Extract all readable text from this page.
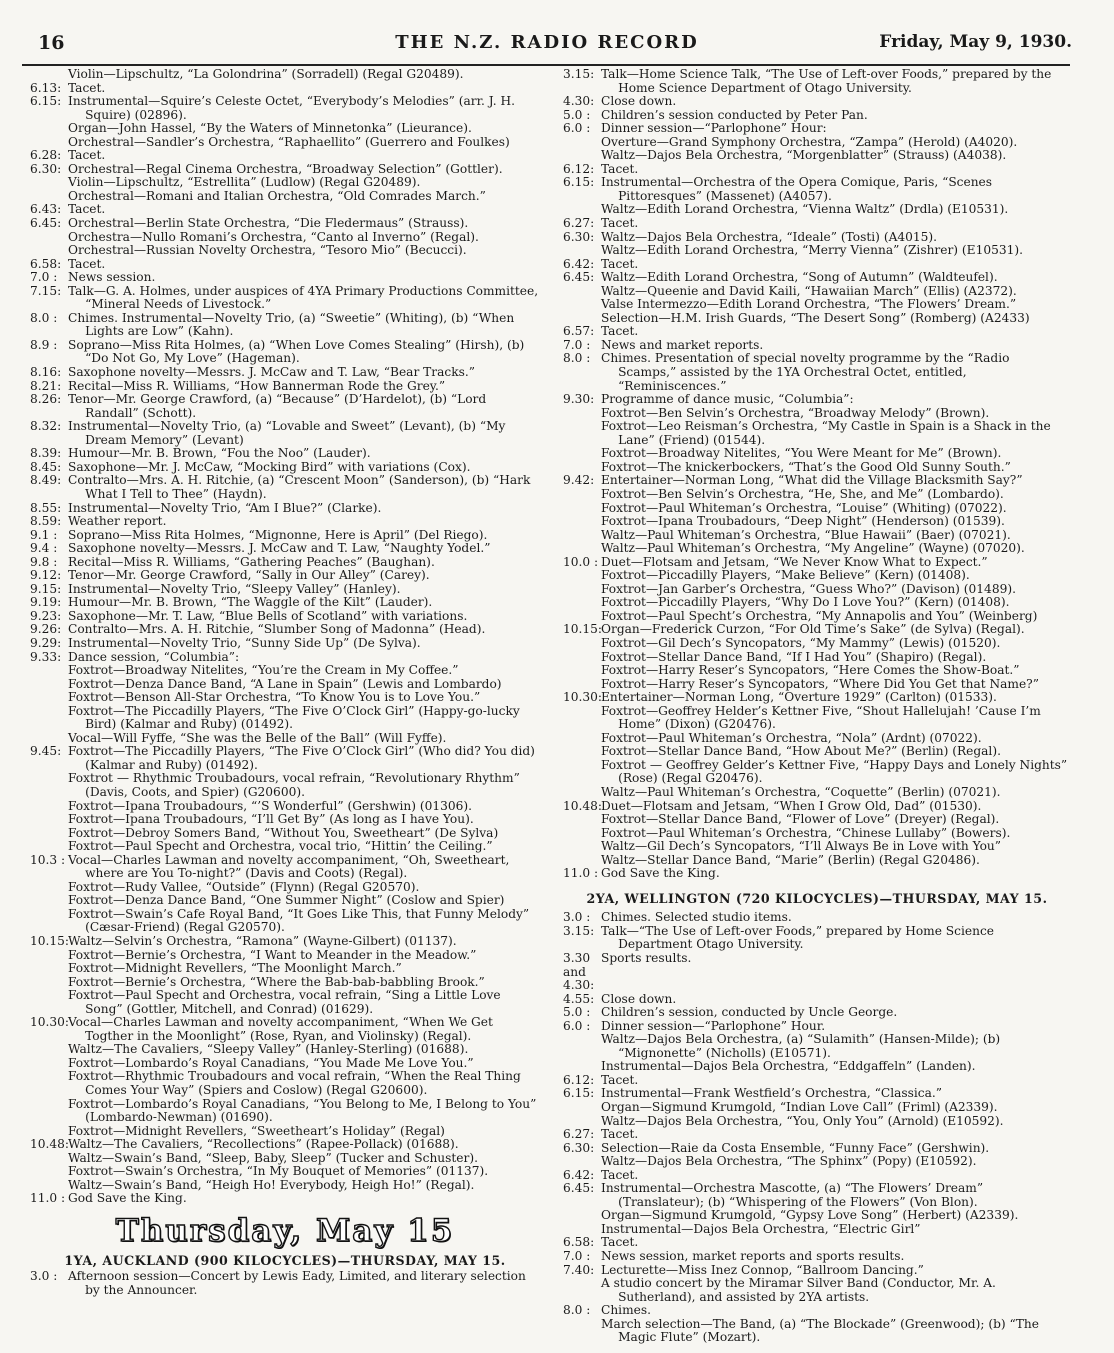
16	THE N.Z. RADIO RECORD	Friday, May 9, 1930.
Violin—Lipschultz, “La Golondrina” (Sorradell) (Regal G20489).
6.13: Tacet.
6.15: Instrumental—Squire’s Celeste Octet, “Everybody’s Melodies” (arr. J. H. Squire) (02896).
Organ—John Hassel, “By the Waters of Minnetonka” (Lieurance).
Orchestral—Sandler’s Orchestra, “Raphaellito” (Guerrero and Foulkes)
6.28: Tacet.
6.30: Orchestral—Regal Cinema Orchestra, “Broadway Selection” (Gottler).
Violin—Lipschultz, “Estrellita” (Ludlow) (Regal G20489).
Orchestral—Romani and Italian Orchestra, “Old Comrades March.”
6.43: Tacet.
6.45: Orchestral—Berlin State Orchestra, “Die Fledermaus” (Strauss).
Orchestra—Nullo Romani’s Orchestra, “Canto al Inverno” (Regal).
Orchestral—Russian Novelty Orchestra, “Tesoro Mio” (Becucci).
6.58: Tacet.
7.0 : News session.
7.15: Talk—G. A. Holmes, under auspices of 4YA Primary Productions Committee, “Mineral Needs of Livestock.”
8.0 : Chimes. Instrumental—Novelty Trio, (a) “Sweetie” (Whiting), (b) “When Lights are Low” (Kahn).
8.9 : Soprano—Miss Rita Holmes, (a) “When Love Comes Stealing” (Hirsh), (b) “Do Not Go, My Love” (Hageman).
8.16: Saxophone novelty—Messrs. J. McCaw and T. Law, “Bear Tracks.”
8.21: Recital—Miss R. Williams, “How Bannerman Rode the Grey.”
8.26: Tenor—Mr. George Crawford, (a) “Because” (D’Hardelot), (b) “Lord Randall” (Schott).
8.32: Instrumental—Novelty Trio, (a) “Lovable and Sweet” (Levant), (b) “My Dream Memory” (Levant)
8.39: Humour—Mr. B. Brown, “Fou the Noo” (Lauder).
8.45: Saxophone—Mr. J. McCaw, “Mocking Bird” with variations (Cox).
8.49: Contralto—Mrs. A. H. Ritchie, (a) “Crescent Moon” (Sanderson), (b) “Hark What I Tell to Thee” (Haydn).
8.55: Instrumental—Novelty Trio, “Am I Blue?” (Clarke).
8.59: Weather report.
9.1 : Soprano—Miss Rita Holmes, “Mignonne, Here is April” (Del Riego).
9.4 : Saxophone novelty—Messrs. J. McCaw and T. Law, “Naughty Yodel.”
9.8 : Recital—Miss R. Williams, “Gathering Peaches” (Baughan).
9.12: Tenor—Mr. George Crawford, “Sally in Our Alley” (Carey).
9.15: Instrumental—Novelty Trio, “Sleepy Valley” (Hanley).
9.19: Humour—Mr. B. Brown, “The Waggle of the Kilt” (Lauder).
9.23: Saxophone—Mr. T. Law, “Blue Bells of Scotland” with variations.
9.26: Contralto—Mrs. A. H. Ritchie, “Slumber Song of Madonna” (Head).
9.29: Instrumental—Novelty Trio, “Sunny Side Up” (De Sylva).
9.33: Dance session, “Columbia”:
Foxtrot—Broadway Nitelites, “You’re the Cream in My Coffee.”
Foxtrot—Denza Dance Band, “A Lane in Spain” (Lewis and Lombardo)
Foxtrot—Benson All-Star Orchestra, “To Know You is to Love You.”
Foxtrot—The Piccadilly Players, “The Five O’Clock Girl” (Happy-go-lucky Bird) (Kalmar and Ruby) (01492).
Vocal—Will Fyffe, “She was the Belle of the Ball” (Will Fyffe).
9.45: Foxtrot—The Piccadilly Players, “The Five O’Clock Girl” (Who did? You did) (Kalmar and Ruby) (01492).
Foxtrot — Rhythmic Troubadours, vocal refrain, “Revolutionary Rhythm” (Davis, Coots, and Spier) (G20600).
Foxtrot—Ipana Troubadours, “’S Wonderful” (Gershwin) (01306).
Foxtrot—Ipana Troubadours, “I’ll Get By” (As long as I have You).
Foxtrot—Debroy Somers Band, “Without You, Sweetheart” (De Sylva)
Foxtrot—Paul Specht and Orchestra, vocal trio, “Hittin’ the Ceiling.”
10.3 : Vocal—Charles Lawman and novelty accompaniment, “Oh, Sweetheart, where are You To-night?” (Davis and Coots) (Regal).
Foxtrot—Rudy Vallee, “Outside” (Flynn) (Regal G20570).
Foxtrot—Denza Dance Band, “One Summer Night” (Coslow and Spier)
Foxtrot—Swain’s Cafe Royal Band, “It Goes Like This, that Funny Melody” (Cæsar-Friend) (Regal G20570).
10.15: Waltz—Selvin’s Orchestra, “Ramona” (Wayne-Gilbert) (01137).
Foxtrot—Bernie’s Orchestra, “I Want to Meander in the Meadow.”
Foxtrot—Midnight Revellers, “The Moonlight March.”
Foxtrot—Bernie’s Orchestra, “Where the Bab-bab-babbling Brook.”
Foxtrot—Paul Specht and Orchestra, vocal refrain, “Sing a Little Love Song” (Gottler, Mitchell, and Conrad) (01629).
10.30: Vocal—Charles Lawman and novelty accompaniment, “When We Get Togther in the Moonlight” (Rose, Ryan, and Violinsky) (Regal).
Waltz—The Cavaliers, “Sleepy Valley” (Hanley-Sterling) (01688).
Foxtrot—Lombardo’s Royal Canadians, “You Made Me Love You.”
Foxtrot—Rhythmic Troubadours and vocal refrain, “When the Real Thing Comes Your Way” (Spiers and Coslow) (Regal G20600).
Foxtrot—Lombardo’s Royal Canadians, “You Belong to Me, I Belong to You” (Lombardo-Newman) (01690).
Foxtrot—Midnight Revellers, “Sweetheart’s Holiday” (Regal)
10.48: Waltz—The Cavaliers, “Recollections” (Rapee-Pollack) (01688).
Waltz—Swain’s Band, “Sleep, Baby, Sleep” (Tucker and Schuster).
Foxtrot—Swain’s Orchestra, “In My Bouquet of Memories” (01137).
Waltz—Swain’s Band, “Heigh Ho! Everybody, Heigh Ho!” (Regal).
11.0 : God Save the King.
Thursday, May 15
1YA, AUCKLAND (900 KILOCYCLES)—THURSDAY, MAY 15.
3.0 : Afternoon session—Concert by Lewis Eady, Limited, and literary selection by the Announcer.
3.15: Talk—Home Science Talk, “The Use of Left-over Foods,” prepared by the Home Science Department of Otago University.
4.30: Close down.
5.0 : Children’s session conducted by Peter Pan.
6.0 : Dinner session—“Parlophone” Hour:
Overture—Grand Symphony Orchestra, “Zampa” (Herold) (A4020).
Waltz—Dajos Bela Orchestra, “Morgenblatter” (Strauss) (A4038).
6.12: Tacet.
6.15: Instrumental—Orchestra of the Opera Comique, Paris, “Scenes Pittoresques” (Massenet) (A4057).
Waltz—Edith Lorand Orchestra, “Vienna Waltz” (Drdla) (E10531).
6.27: Tacet.
6.30: Waltz—Dajos Bela Orchestra, “Ideale” (Tosti) (A4015).
Waltz—Edith Lorand Orchestra, “Merry Vienna” (Zishrer) (E10531).
6.42: Tacet.
6.45: Waltz—Edith Lorand Orchestra, “Song of Autumn” (Waldteufel).
Waltz—Queenie and David Kaili, “Hawaiian March” (Ellis) (A2372).
Valse Intermezzo—Edith Lorand Orchestra, “The Flowers’ Dream.”
Selection—H.M. Irish Guards, “The Desert Song” (Romberg) (A2433)
6.57: Tacet.
7.0 : News and market reports.
8.0 : Chimes. Presentation of special novelty programme by the “Radio Scamps,” assisted by the 1YA Orchestral Octet, entitled, “Reminiscences.”
9.30: Programme of dance music, “Columbia”:
Foxtrot—Ben Selvin’s Orchestra, “Broadway Melody” (Brown).
Foxtrot—Leo Reisman’s Orchestra, “My Castle in Spain is a Shack in the Lane” (Friend) (01544).
Foxtrot—Broadway Nitelites, “You Were Meant for Me” (Brown).
Foxtrot—The knickerbockers, “That’s the Good Old Sunny South.”
9.42: Entertainer—Norman Long, “What did the Village Blacksmith Say?”
Foxtrot—Ben Selvin’s Orchestra, “He, She, and Me” (Lombardo).
Foxtrot—Paul Whiteman’s Orchestra, “Louise” (Whiting) (07022).
Foxtrot—Ipana Troubadours, “Deep Night” (Henderson) (01539).
Waltz—Paul Whiteman’s Orchestra, “Blue Hawaii” (Baer) (07021).
Waltz—Paul Whiteman’s Orchestra, “My Angeline” (Wayne) (07020).
10.0 : Duet—Flotsam and Jetsam, “We Never Know What to Expect.”
Foxtrot—Piccadilly Players, “Make Believe” (Kern) (01408).
Foxtrot—Jan Garber’s Orchestra, “Guess Who?” (Davison) (01489).
Foxtrot—Piccadilly Players, “Why Do I Love You?” (Kern) (01408).
Foxtrot—Paul Specht’s Orchestra, “My Annapolis and You” (Weinberg)
10.15: Organ—Frederick Curzon, “For Old Time’s Sake” (de Sylva) (Regal).
Foxtrot—Gil Dech’s Syncopators, “My Mammy” (Lewis) (01520).
Foxtrot—Stellar Dance Band, “If I Had You” (Shapiro) (Regal).
Foxtrot—Harry Reser’s Syncopators, “Here Comes the Show-Boat.”
Foxtrot—Harry Reser’s Syncopators, “Where Did You Get that Name?”
10.30: Entertainer—Norman Long, “Overture 1929” (Carlton) (01533).
Foxtrot—Geoffrey Helder’s Kettner Five, “Shout Hallelujah! ’Cause I’m Home” (Dixon) (G20476).
Foxtrot—Paul Whiteman’s Orchestra, “Nola” (Ardnt) (07022).
Foxtrot—Stellar Dance Band, “How About Me?” (Berlin) (Regal).
Foxtrot — Geoffrey Gelder’s Kettner Five, “Happy Days and Lonely Nights” (Rose) (Regal G20476).
Waltz—Paul Whiteman’s Orchestra, “Coquette” (Berlin) (07021).
10.48: Duet—Flotsam and Jetsam, “When I Grow Old, Dad” (01530).
Foxtrot—Stellar Dance Band, “Flower of Love” (Dreyer) (Regal).
Foxtrot—Paul Whiteman’s Orchestra, “Chinese Lullaby” (Bowers).
Waltz—Gil Dech’s Syncopators, “I’ll Always Be in Love with You”
Waltz—Stellar Dance Band, “Marie” (Berlin) (Regal G20486).
11.0 : God Save the King.
2YA, WELLINGTON (720 KILOCYCLES)—THURSDAY, MAY 15.
3.0 : Chimes. Selected studio items.
3.15: Talk—“The Use of Left-over Foods,” prepared by Home Science Department Otago University.
3.30 and 4.30:
Sports results.
4.55: Close down.
5.0 : Children’s session, conducted by Uncle George.
6.0 : Dinner session—“Parlophone” Hour.
Waltz—Dajos Bela Orchestra, (a) “Sulamith” (Hansen-Milde); (b) “Mignonette” (Nicholls) (E10571).
Instrumental—Dajos Bela Orchestra, “Eddgaffeln” (Landen).
6.12: Tacet.
6.15: Instrumental—Frank Westfield’s Orchestra, “Classica.”
Organ—Sigmund Krumgold, “Indian Love Call” (Friml) (A2339).
Waltz—Dajos Bela Orchestra, “You, Only You” (Arnold) (E10592).
6.27: Tacet.
6.30: Selection—Raie da Costa Ensemble, “Funny Face” (Gershwin).
Waltz—Dajos Bela Orchestra, “The Sphinx” (Popy) (E10592).
6.42: Tacet.
6.45: Instrumental—Orchestra Mascotte, (a) “The Flowers’ Dream” (Translateur); (b) “Whispering of the Flowers” (Von Blon).
Organ—Sigmund Krumgold, “Gypsy Love Song” (Herbert) (A2339).
Instrumental—Dajos Bela Orchestra, “Electric Girl”
6.58: Tacet.
7.0 : News session, market reports and sports results.
7.40: Lecturette—Miss Inez Connop, “Ballroom Dancing.”
A studio concert by the Miramar Silver Band (Conductor, Mr. A. Sutherland), and assisted by 2YA artists.
8.0 : Chimes.
March selection—The Band, (a) “The Blockade” (Greenwood); (b) “The Magic Flute” (Mozart).
